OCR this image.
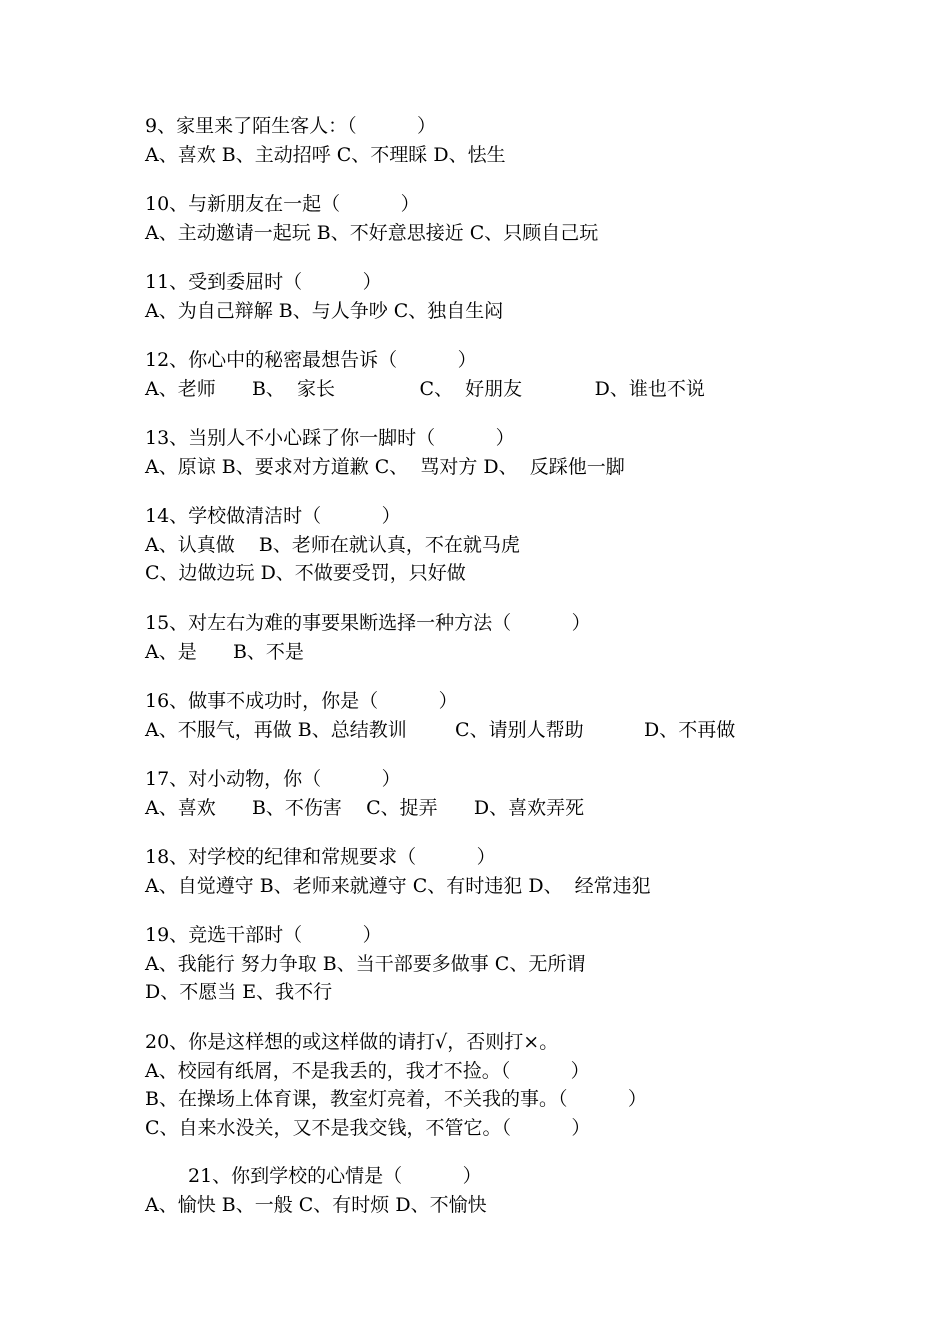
9、家里来了陌生客人：（          ）
A、喜欢 B、主动招呼 C、不理睬 D、怯生
10、与新朋友在一起（          ）
A、主动邀请一起玩 B、不好意思接近 C、只顾自己玩
11、受到委屈时（          ）
A、为自己辩解 B、与人争吵 C、独自生闷
12、你心中的秘密最想告诉（          ）
A、老师      B、  家长              C、  好朋友            D、谁也不说
13、当别人不小心踩了你一脚时（          ）
A、原谅 B、要求对方道歉 C、  骂对方 D、  反踩他一脚
14、学校做清洁时（          ）
A、认真做    B、老师在就认真，不在就马虎
C、边做边玩 D、不做要受罚，只好做
15、对左右为难的事要果断选择一种方法（          ）
A、是      B、不是
16、做事不成功时，你是（          ）
A、不服气，再做 B、总结教训        C、请别人帮助          D、不再做
17、对小动物，你（          ）
A、喜欢      B、不伤害    C、捉弄      D、喜欢弄死
18、对学校的纪律和常规要求（          ）
A、自觉遵守 B、老师来就遵守 C、有时违犯 D、  经常违犯
19、竞选干部时（          ）
A、我能行 努力争取 B、当干部要多做事 C、无所谓
D、不愿当 E、我不行
20、你是这样想的或这样做的请打√，否则打×。
A、校园有纸屑，不是我丢的，我才不捡。（          ）
B、在操场上体育课，教室灯亮着，不关我的事。（          ）
C、自来水没关，又不是我交钱，不管它。（          ）
21、你到学校的心情是（          ）
A、愉快 B、一般 C、有时烦 D、不愉快
